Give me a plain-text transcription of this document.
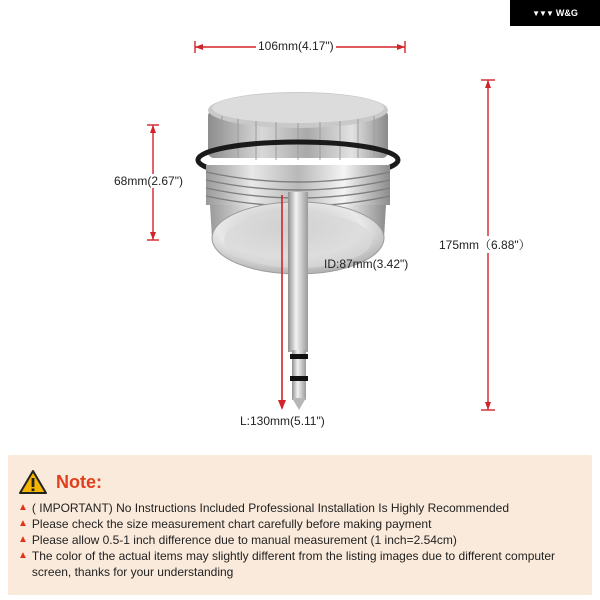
▼▼▼ W&G
106mm(4.17")
68mm(2.67")
ID:87mm(3.42")
175mm（6.88"）
L:130mm(5.11")
Note:
▲ ( IMPORTANT) No Instructions Included Professional Installation Is Highly Recommended
▲ Please check the size measurement chart carefully before making payment
▲ Please allow 0.5-1 inch difference due to manual measurement (1 inch=2.54cm)
▲ The color of the actual items may slightly different from the listing images due to different computer screen, thanks for your understanding
